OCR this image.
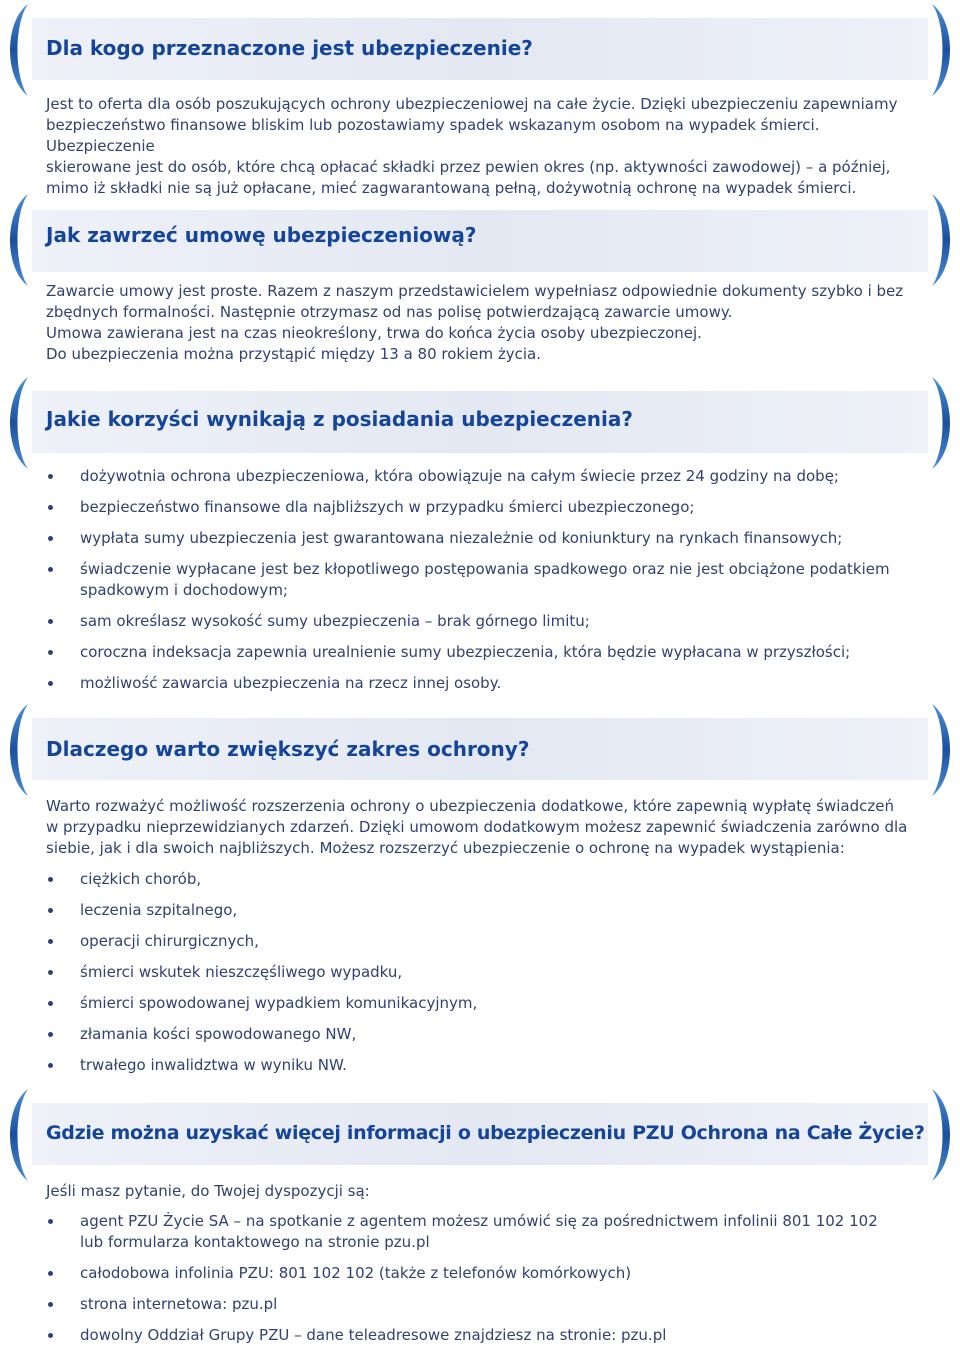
Dla kogo przeznaczone jest ubezpieczenie?
Jest to oferta dla osób poszukujących ochrony ubezpieczeniowej na całe życie. Dzięki ubezpieczeniu zapewniamy
bezpieczeństwo finansowe bliskim lub pozostawiamy spadek wskazanym osobom na wypadek śmierci. Ubezpieczenie
skierowane jest do osób, które chcą opłacać składki przez pewien okres (np. aktywności zawodowej) – a później,
mimo iż składki nie są już opłacane, mieć zagwarantowaną pełną, dożywotnią ochronę na wypadek śmierci.
Jak zawrzeć umowę ubezpieczeniową?
Zawarcie umowy jest proste. Razem z naszym przedstawicielem wypełniasz odpowiednie dokumenty szybko i bez
zbędnych formalności. Następnie otrzymasz od nas polisę potwierdzającą zawarcie umowy.
Umowa zawierana jest na czas nieokreślony, trwa do końca życia osoby ubezpieczonej.
Do ubezpieczenia można przystąpić między 13 a 80 rokiem życia.
Jakie korzyści wynikają z posiadania ubezpieczenia?
dożywotnia ochrona ubezpieczeniowa, która obowiązuje na całym świecie przez 24 godziny na dobę;
bezpieczeństwo finansowe dla najbliższych w przypadku śmierci ubezpieczonego;
wypłata sumy ubezpieczenia jest gwarantowana niezależnie od koniunktury na rynkach finansowych;
świadczenie wypłacane jest bez kłopotliwego postępowania spadkowego oraz nie jest obciążone podatkiem
spadkowym i dochodowym;
sam określasz wysokość sumy ubezpieczenia – brak górnego limitu;
coroczna indeksacja zapewnia urealnienie sumy ubezpieczenia, która będzie wypłacana w przyszłości;
możliwość zawarcia ubezpieczenia na rzecz innej osoby.
Dlaczego warto zwiększyć zakres ochrony?
Warto rozważyć możliwość rozszerzenia ochrony o ubezpieczenia dodatkowe, które zapewnią wypłatę świadczeń
w przypadku nieprzewidzianych zdarzeń. Dzięki umowom dodatkowym możesz zapewnić świadczenia zarówno dla
siebie, jak i dla swoich najbliższych. Możesz rozszerzyć ubezpieczenie o ochronę na wypadek wystąpienia:
ciężkich chorób,
leczenia szpitalnego,
operacji chirurgicznych,
śmierci wskutek nieszczęśliwego wypadku,
śmierci spowodowanej wypadkiem komunikacyjnym,
złamania kości spowodowanego NW,
trwałego inwalidztwa w wyniku NW.
Gdzie można uzyskać więcej informacji o ubezpieczeniu PZU Ochrona na Całe Życie?
Jeśli masz pytanie, do Twojej dyspozycji są:
agent PZU Życie SA – na spotkanie z agentem możesz umówić się za pośrednictwem infolinii 801 102 102
lub formularza kontaktowego na stronie pzu.pl
całodobowa infolinia PZU: 801 102 102 (także z telefonów komórkowych)
strona internetowa: pzu.pl
dowolny Oddział Grupy PZU – dane teleadresowe znajdziesz na stronie: pzu.pl
